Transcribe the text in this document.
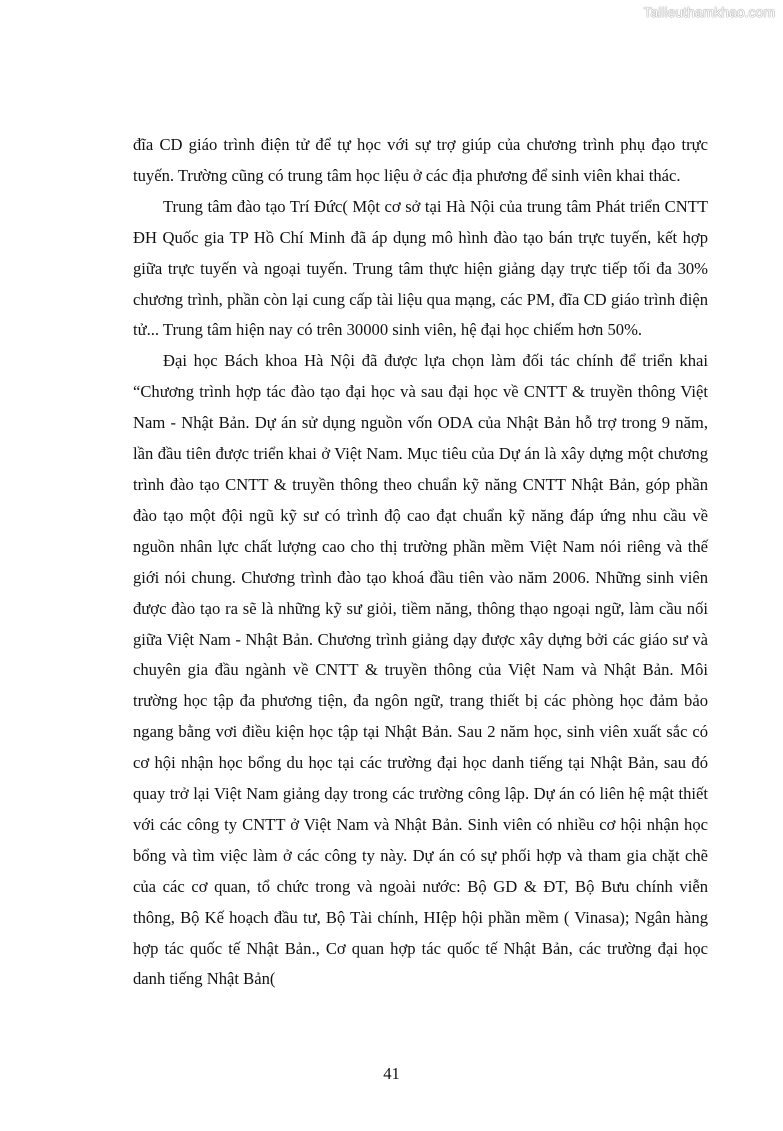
Tailieuthamkhao.com

đĩa CD giáo trình điện tử để tự học với sự trợ giúp của chương trình phụ đạo trực tuyến. Trường cũng có trung tâm học liệu ở các địa phương để sinh viên khai thác.

Trung tâm đào tạo Trí Đức( Một cơ sở tại Hà Nội của trung tâm Phát triển CNTT ĐH Quốc gia TP Hồ Chí Minh đã áp dụng mô hình đào tạo bán trực tuyến, kết hợp giữa trực tuyến và ngoại tuyến. Trung tâm thực hiện giảng dạy trực tiếp tối đa 30% chương trình, phần còn lại cung cấp tài liệu qua mạng, các PM, đĩa CD giáo trình điện tử... Trung tâm hiện nay có trên 30000 sinh viên, hệ đại học chiếm hơn 50%.

Đại học Bách khoa Hà Nội đã được lựa chọn làm đối tác chính để triển khai “Chương trình hợp tác đào tạo đại học và sau đại học về CNTT & truyền thông Việt Nam - Nhật Bản. Dự án sử dụng nguồn vốn ODA của Nhật Bản hỗ trợ trong 9 năm, lần đầu tiên được triển khai ở Việt Nam. Mục tiêu của Dự án là xây dựng một chương trình đào tạo CNTT & truyền thông theo chuẩn kỹ năng CNTT Nhật Bản, góp phần đào tạo một đội ngũ kỹ sư có trình độ cao đạt chuẩn kỹ năng đáp ứng nhu cầu về nguồn nhân lực chất lượng cao cho thị trường phần mềm Việt Nam nói riêng và thế giới nói chung. Chương trình đào tạo khoá đầu tiên vào năm 2006. Những sinh viên được đào tạo ra sẽ là những kỹ sư giỏi, tiềm năng, thông thạo ngoại ngữ, làm cầu nối giữa Việt Nam - Nhật Bản. Chương trình giảng dạy được xây dựng bởi các giáo sư và chuyên gia đầu ngành về CNTT & truyền thông của Việt Nam và Nhật Bản. Môi trường học tập đa phương tiện, đa ngôn ngữ, trang thiết bị các phòng học đảm bảo ngang bằng vơi điều kiện học tập tại Nhật Bản. Sau 2 năm học, sinh viên xuất sắc có cơ hội nhận học bổng du học tại các trường đại học danh tiếng tại Nhật Bản, sau đó quay trở lại Việt Nam giảng dạy trong các trường công lập. Dự án có liên hệ mật thiết với các công ty CNTT ở Việt Nam và Nhật Bản. Sinh viên có nhiều cơ hội nhận học bổng và tìm việc làm ở các công ty này. Dự án có sự phối hợp và tham gia chặt chẽ của các cơ quan, tổ chức trong và ngoài nước: Bộ GD & ĐT, Bộ Bưu chính viễn thông, Bộ Kế hoạch đầu tư, Bộ Tài chính, HIệp hội phần mềm ( Vinasa); Ngân hàng hợp tác quốc tế Nhật Bản., Cơ quan hợp tác quốc tế Nhật Bản, các trường đại học danh tiếng Nhật Bản(

41
